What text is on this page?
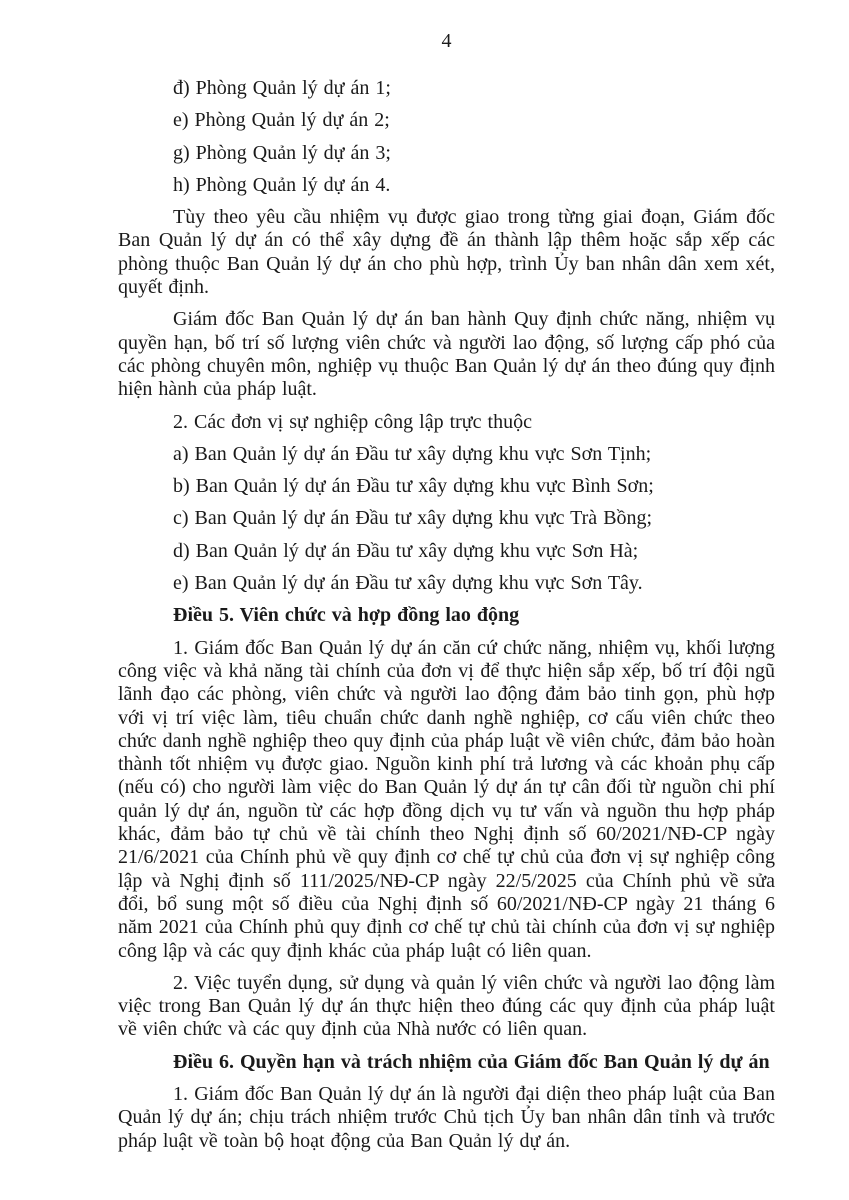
4

đ) Phòng Quản lý dự án 1;

e) Phòng Quản lý dự án 2;

g) Phòng Quản lý dự án 3;

h) Phòng Quản lý dự án 4.

Tùy theo yêu cầu nhiệm vụ được giao trong từng giai đoạn, Giám đốc Ban Quản lý dự án có thể xây dựng đề án thành lập thêm hoặc sắp xếp các phòng thuộc Ban Quản lý dự án cho phù hợp, trình Ủy ban nhân dân xem xét, quyết định.

Giám đốc Ban Quản lý dự án ban hành Quy định chức năng, nhiệm vụ quyền hạn, bố trí số lượng viên chức và người lao động, số lượng cấp phó của các phòng chuyên môn, nghiệp vụ thuộc Ban Quản lý dự án theo đúng quy định hiện hành của pháp luật.

2. Các đơn vị sự nghiệp công lập trực thuộc

a) Ban Quản lý dự án Đầu tư xây dựng khu vực Sơn Tịnh;

b) Ban Quản lý dự án Đầu tư xây dựng khu vực Bình Sơn;

c) Ban Quản lý dự án Đầu tư xây dựng khu vực Trà Bồng;

d) Ban Quản lý dự án Đầu tư xây dựng khu vực Sơn Hà;

e) Ban Quản lý dự án Đầu tư xây dựng khu vực Sơn Tây.

Điều 5. Viên chức và hợp đồng lao động

1. Giám đốc Ban Quản lý dự án căn cứ chức năng, nhiệm vụ, khối lượng công việc và khả năng tài chính của đơn vị để thực hiện sắp xếp, bố trí đội ngũ lãnh đạo các phòng, viên chức và người lao động đảm bảo tinh gọn, phù hợp với vị trí việc làm, tiêu chuẩn chức danh nghề nghiệp, cơ cấu viên chức theo chức danh nghề nghiệp theo quy định của pháp luật về viên chức, đảm bảo hoàn thành tốt nhiệm vụ được giao. Nguồn kinh phí trả lương và các khoản phụ cấp (nếu có) cho người làm việc do Ban Quản lý dự án tự cân đối từ nguồn chi phí quản lý dự án, nguồn từ các hợp đồng dịch vụ tư vấn và nguồn thu hợp pháp khác, đảm bảo tự chủ về tài chính theo Nghị định số 60/2021/NĐ-CP ngày 21/6/2021 của Chính phủ về quy định cơ chế tự chủ của đơn vị sự nghiệp công lập và Nghị định số 111/2025/NĐ-CP ngày 22/5/2025 của Chính phủ về sửa đổi, bổ sung một số điều của Nghị định số 60/2021/NĐ-CP ngày 21 tháng 6 năm 2021 của Chính phủ quy định cơ chế tự chủ tài chính của đơn vị sự nghiệp công lập và các quy định khác của pháp luật có liên quan.

2. Việc tuyển dụng, sử dụng và quản lý viên chức và người lao động làm việc trong Ban Quản lý dự án thực hiện theo đúng các quy định của pháp luật về viên chức và các quy định của Nhà nước có liên quan.

Điều 6. Quyền hạn và trách nhiệm của Giám đốc Ban Quản lý dự án

1. Giám đốc Ban Quản lý dự án là người đại diện theo pháp luật của Ban Quản lý dự án; chịu trách nhiệm trước Chủ tịch Ủy ban nhân dân tỉnh và trước pháp luật về toàn bộ hoạt động của Ban Quản lý dự án.
